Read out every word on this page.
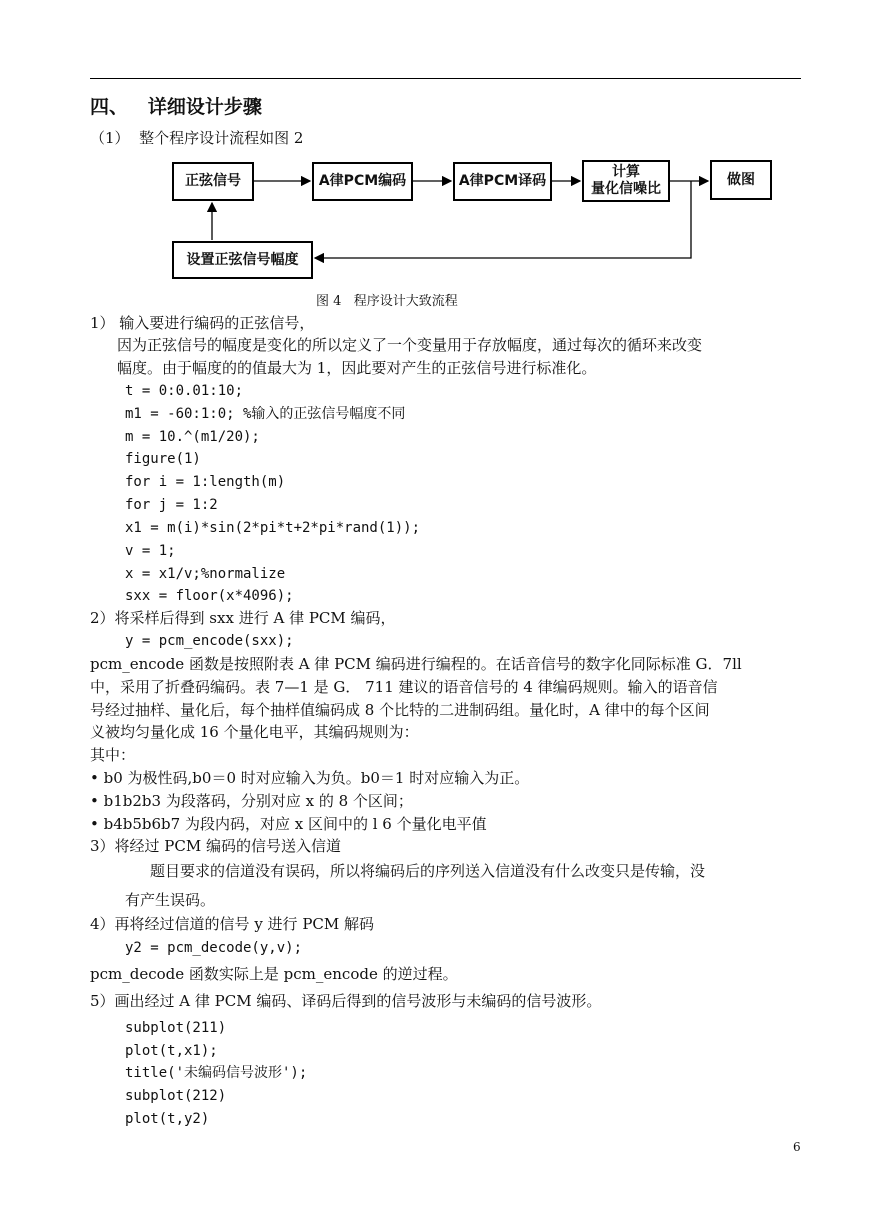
四、   详细设计步骤
（1）  整个程序设计流程如图 2
正弦信号	A律PCM编码	A律PCM译码
计算
量化信噪比
做图
设置正弦信号幅度
图 4   程序设计大致流程
1） 输入要进行编码的正弦信号，
因为正弦信号的幅度是变化的所以定义了一个变量用于存放幅度，通过每次的循环来改变
幅度。由于幅度的的值最大为 1，因此要对产生的正弦信号进行标准化。
t = 0:0.01:10;
m1 = -60:1:0; %输入的正弦信号幅度不同
m = 10.^(m1/20);
figure(1)
for i = 1:length(m)
for j = 1:2
x1 = m(i)*sin(2*pi*t+2*pi*rand(1));
v = 1;
x = x1/v;%normalize
sxx = floor(x*4096);
2）将采样后得到 sxx 进行 A 律 PCM 编码，
y = pcm_encode(sxx);
pcm_encode 函数是按照附表 A 律 PCM 编码进行编程的。在话音信号的数字化同际标准 G．7ll
中，采用了折叠码编码。表 7—1 是 G． 711 建议的语音信号的 4 律编码规则。输入的语音信
号经过抽样、量化后，每个抽样值编码成 8 个比特的二进制码组。量化时，A 律中的每个区间
义被均匀量化成 16 个量化电平，其编码规则为：
其中：
• b0 为极性码,b0＝0 时对应输入为负。b0＝1 时对应输入为正。
• b1b2b3 为段落码，分别对应 x 的 8 个区间；
• b4b5b6b7 为段内码，对应 x 区间中的 l 6 个量化电平值
3）将经过 PCM 编码的信号送入信道
题目要求的信道没有误码，所以将编码后的序列送入信道没有什么改变只是传输，没
有产生误码。
4）再将经过信道的信号 y 进行 PCM 解码
y2 = pcm_decode(y,v);
pcm_decode 函数实际上是 pcm_encode 的逆过程。
5）画出经过 A 律 PCM 编码、译码后得到的信号波形与未编码的信号波形。
subplot(211)
plot(t,x1);
title('未编码信号波形');
subplot(212)
plot(t,y2)
6
